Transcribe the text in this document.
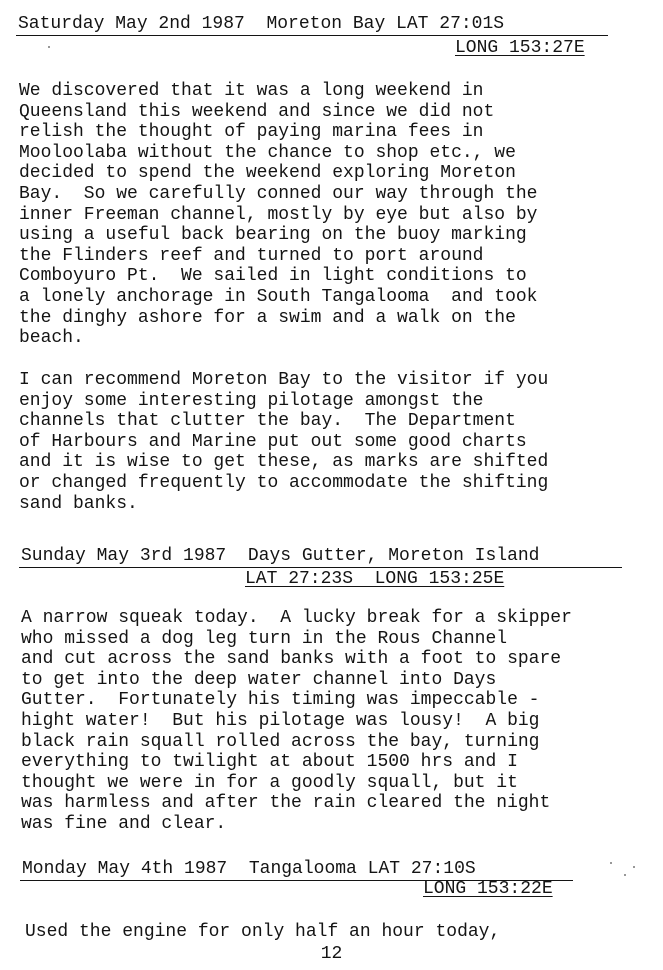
Saturday May 2nd 1987  Moreton Bay LAT 27:01S
LONG 153:27E
We discovered that it was a long weekend in
Queensland this weekend and since we did not
relish the thought of paying marina fees in
Mooloolaba without the chance to shop etc., we
decided to spend the weekend exploring Moreton
Bay.  So we carefully conned our way through the
inner Freeman channel, mostly by eye but also by
using a useful back bearing on the buoy marking
the Flinders reef and turned to port around
Comboyuro Pt.  We sailed in light conditions to
a lonely anchorage in South Tangalooma  and took
the dinghy ashore for a swim and a walk on the
beach.
I can recommend Moreton Bay to the visitor if you
enjoy some interesting pilotage amongst the
channels that clutter the bay.  The Department
of Harbours and Marine put out some good charts
and it is wise to get these, as marks are shifted
or changed frequently to accommodate the shifting
sand banks.
Sunday May 3rd 1987  Days Gutter, Moreton Island
LAT 27:23S  LONG 153:25E
A narrow squeak today.  A lucky break for a skipper
who missed a dog leg turn in the Rous Channel
and cut across the sand banks with a foot to spare
to get into the deep water channel into Days
Gutter.  Fortunately his timing was impeccable -
hight water!  But his pilotage was lousy!  A big
black rain squall rolled across the bay, turning
everything to twilight at about 1500 hrs and I
thought we were in for a goodly squall, but it
was harmless and after the rain cleared the night
was fine and clear.
Monday May 4th 1987  Tangalooma LAT 27:10S
LONG 153:22E
Used the engine for only half an hour today,
12
